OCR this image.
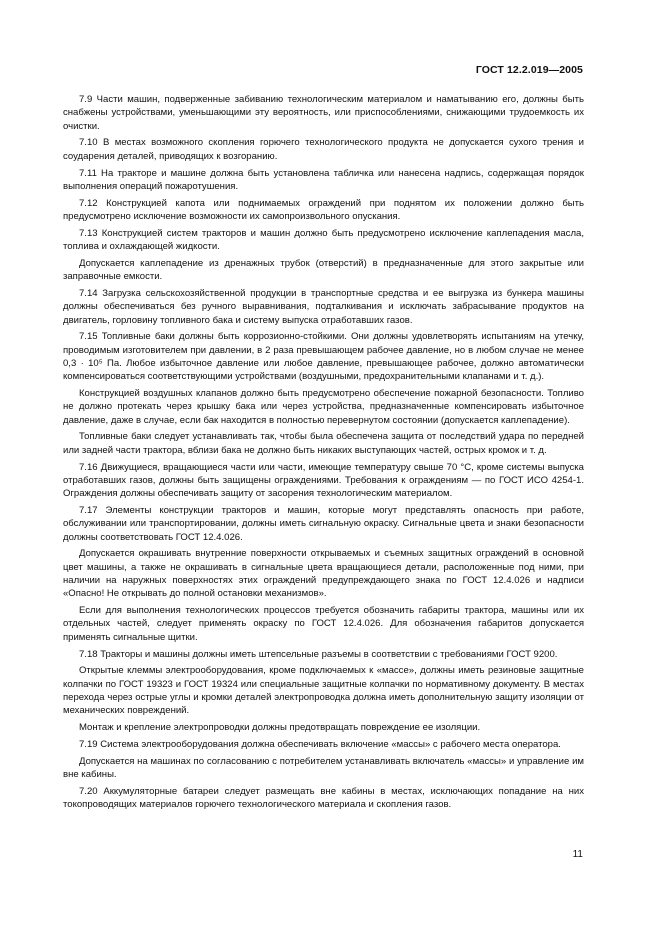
ГОСТ 12.2.019—2005

7.9 Части машин, подверженные забиванию технологическим материалом и наматыванию его, должны быть снабжены устройствами, уменьшающими эту вероятность, или приспособлениями, снижающими трудоемкость их очистки.

7.10 В местах возможного скопления горючего технологического продукта не допускается сухого трения и соударения деталей, приводящих к возгоранию.

7.11 На тракторе и машине должна быть установлена табличка или нанесена надпись, содержащая порядок выполнения операций пожаротушения.

7.12 Конструкцией капота или поднимаемых ограждений при поднятом их положении должно быть предусмотрено исключение возможности их самопроизвольного опускания.

7.13 Конструкцией систем тракторов и машин должно быть предусмотрено исключение каплепадения масла, топлива и охлаждающей жидкости.

Допускается каплепадение из дренажных трубок (отверстий) в предназначенные для этого закрытые или заправочные емкости.

7.14 Загрузка сельскохозяйственной продукции в транспортные средства и ее выгрузка из бункера машины должны обеспечиваться без ручного выравнивания, подталкивания и исключать забрасывание продуктов на двигатель, горловину топливного бака и систему выпуска отработавших газов.

7.15 Топливные баки должны быть коррозионно-стойкими. Они должны удовлетворять испытаниям на утечку, проводимым изготовителем при давлении, в 2 раза превышающем рабочее давление, но в любом случае не менее 0,3 · 10⁵ Па. Любое избыточное давление или любое давление, превышающее рабочее, должно автоматически компенсироваться соответствующими устройствами (воздушными, предохранительными клапанами и т. д.).

Конструкцией воздушных клапанов должно быть предусмотрено обеспечение пожарной безопасности. Топливо не должно протекать через крышку бака или через устройства, предназначенные компенсировать избыточное давление, даже в случае, если бак находится в полностью перевернутом состоянии (допускается каплепадение).

Топливные баки следует устанавливать так, чтобы была обеспечена защита от последствий удара по передней или задней части трактора, вблизи бака не должно быть никаких выступающих частей, острых кромок и т. д.

7.16 Движущиеся, вращающиеся части или части, имеющие температуру свыше 70 °С, кроме системы выпуска отработавших газов, должны быть защищены ограждениями. Требования к ограждениям — по ГОСТ ИСО 4254-1. Ограждения должны обеспечивать защиту от засорения технологическим материалом.

7.17 Элементы конструкции тракторов и машин, которые могут представлять опасность при работе, обслуживании или транспортировании, должны иметь сигнальную окраску. Сигнальные цвета и знаки безопасности должны соответствовать ГОСТ 12.4.026.

Допускается окрашивать внутренние поверхности открываемых и съемных защитных ограждений в основной цвет машины, а также не окрашивать в сигнальные цвета вращающиеся детали, расположенные под ними, при наличии на наружных поверхностях этих ограждений предупреждающего знака по ГОСТ 12.4.026 и надписи «Опасно! Не открывать до полной остановки механизмов».

Если для выполнения технологических процессов требуется обозначить габариты трактора, машины или их отдельных частей, следует применять окраску по ГОСТ 12.4.026. Для обозначения габаритов допускается применять сигнальные щитки.

7.18 Тракторы и машины должны иметь штепсельные разъемы в соответствии с требованиями ГОСТ 9200.

Открытые клеммы электрооборудования, кроме подключаемых к «массе», должны иметь резиновые защитные колпачки по ГОСТ 19323 и ГОСТ 19324 или специальные защитные колпачки по нормативному документу. В местах перехода через острые углы и кромки деталей электропроводка должна иметь дополнительную защиту изоляции от механических повреждений.

Монтаж и крепление электропроводки должны предотвращать повреждение ее изоляции.

7.19 Система электрооборудования должна обеспечивать включение «массы» с рабочего места оператора.

Допускается на машинах по согласованию с потребителем устанавливать включатель «массы» и управление им вне кабины.

7.20 Аккумуляторные батареи следует размещать вне кабины в местах, исключающих попадание на них токопроводящих материалов горючего технологического материала и скопления газов.

11
